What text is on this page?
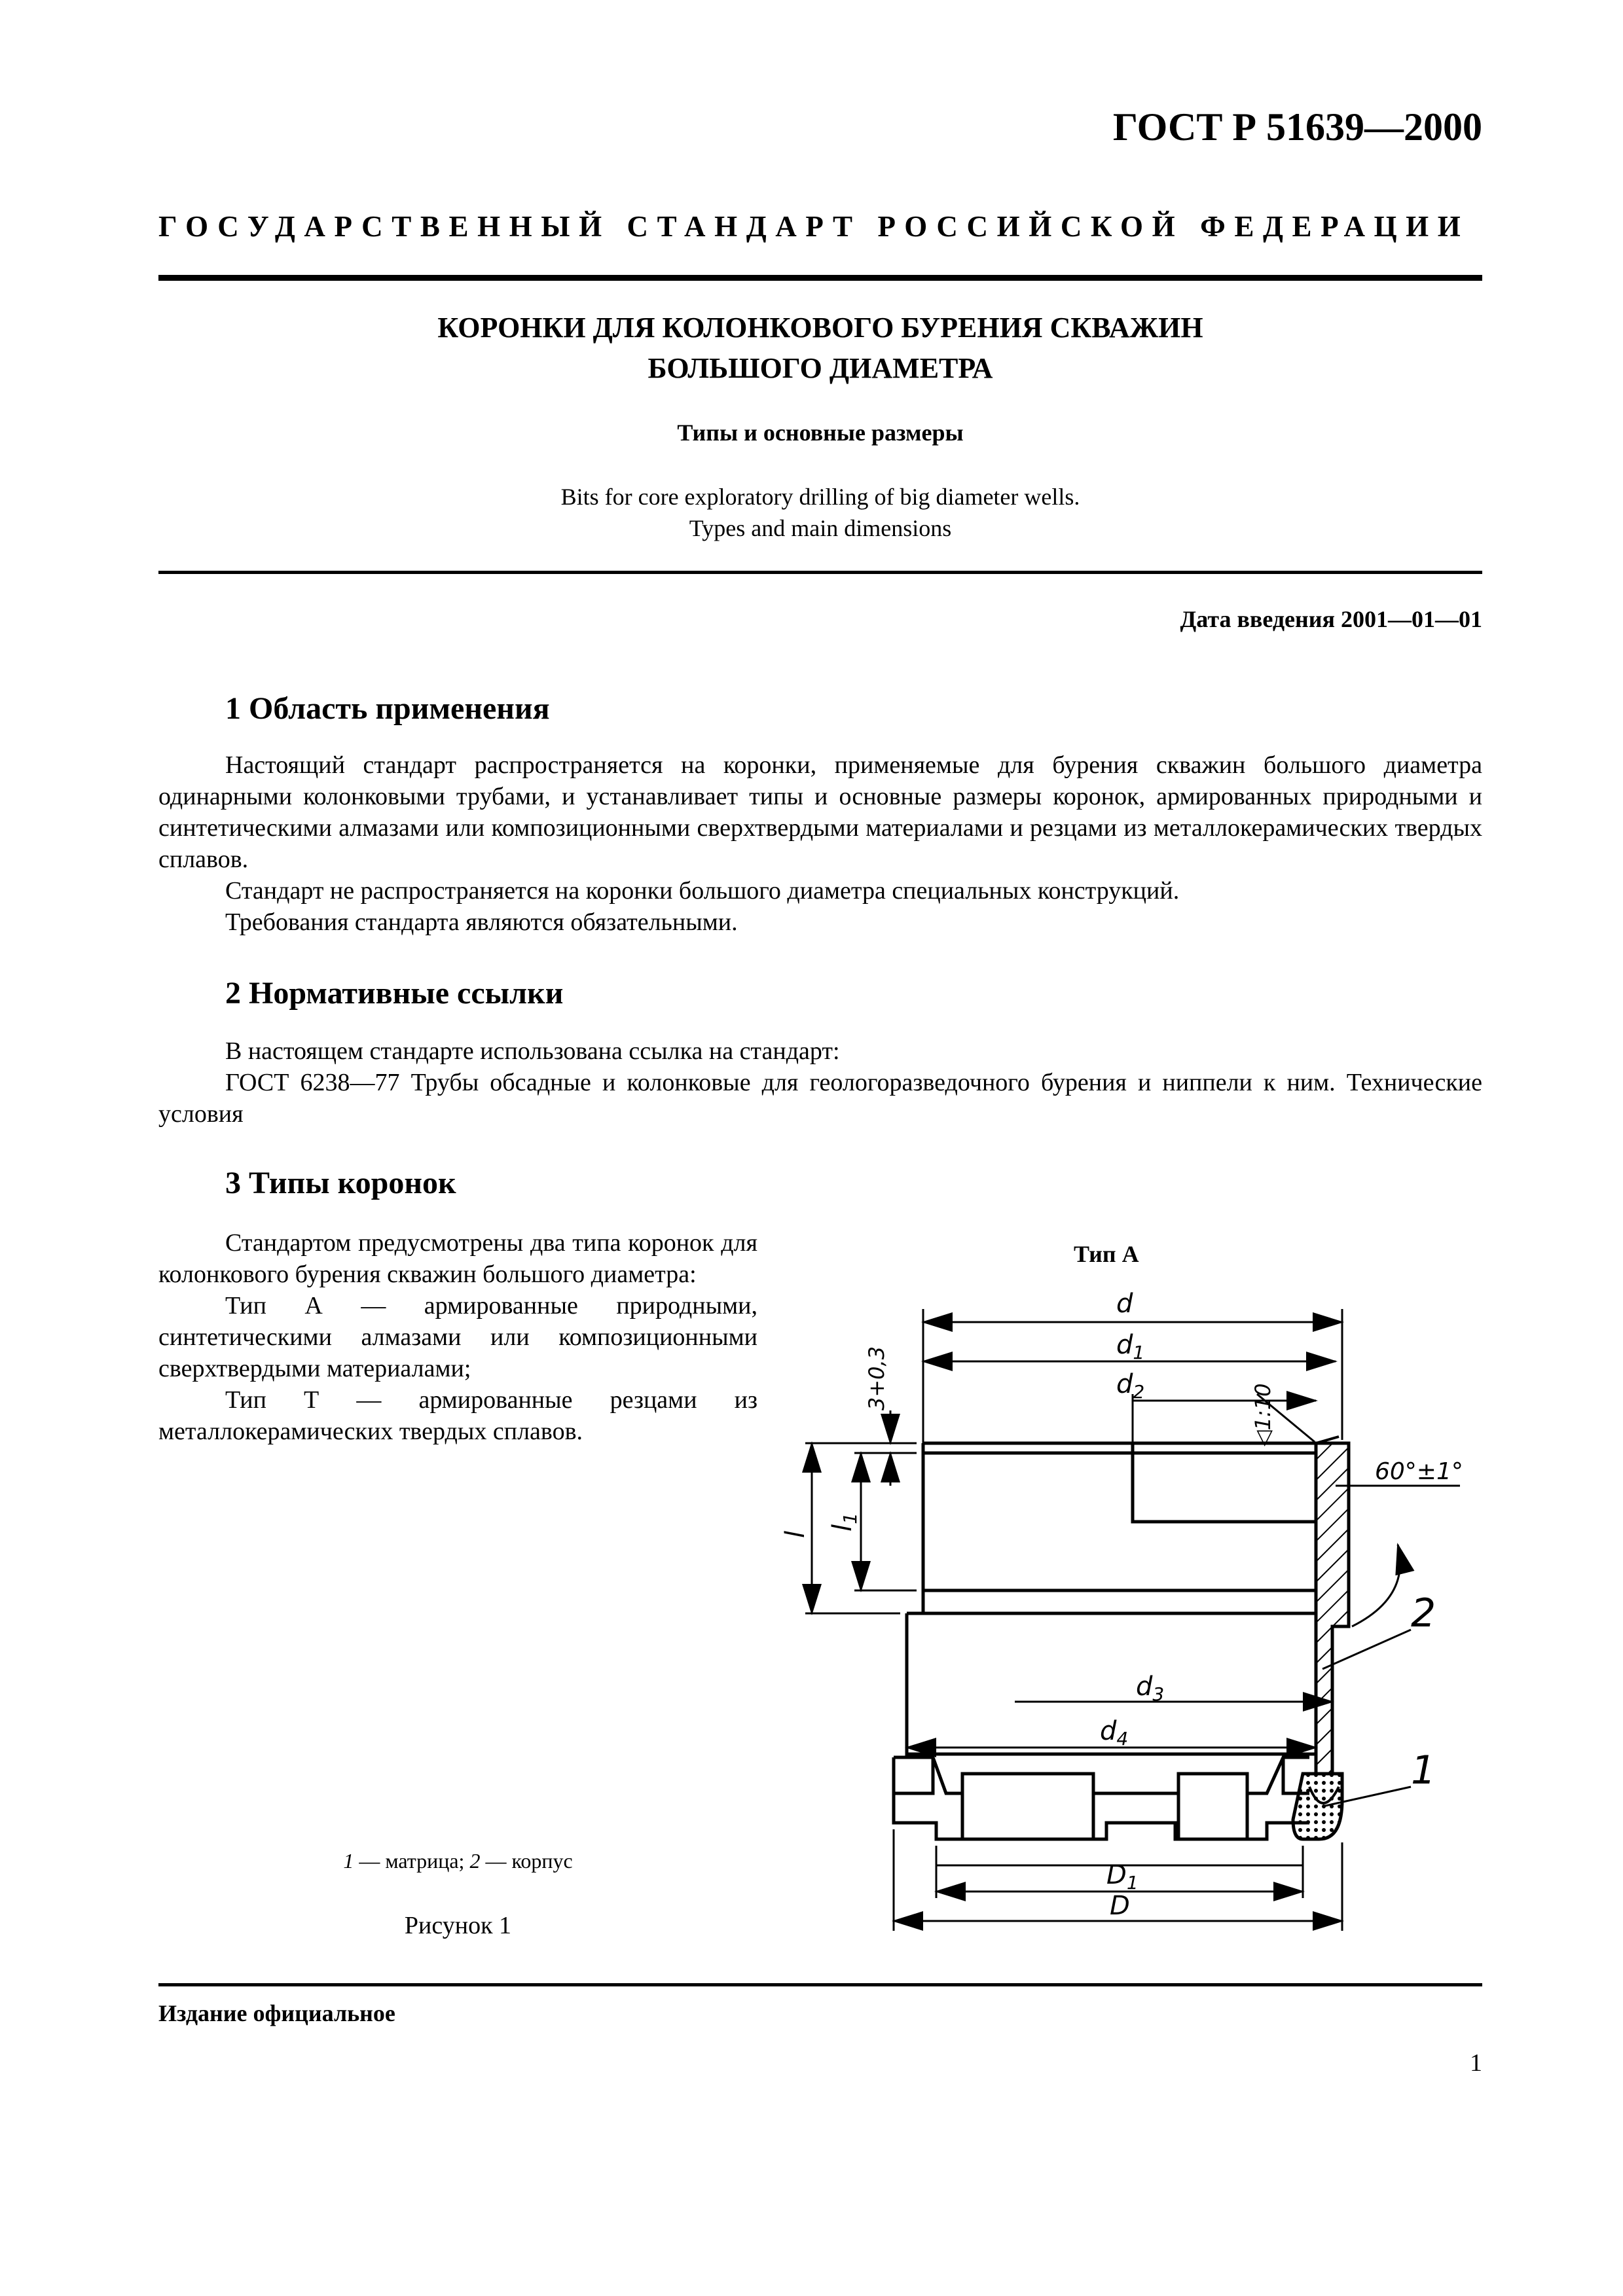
ГОСТ Р 51639—2000
ГОСУДАРСТВЕННЫЙ СТАНДАРТ РОССИЙСКОЙ ФЕДЕРАЦИИ
КОРОНКИ ДЛЯ КОЛОНКОВОГО БУРЕНИЯ СКВАЖИН
БОЛЬШОГО ДИАМЕТРА
Типы и основные размеры
Bits for core exploratory drilling of big diameter wells.
Types and main dimensions
Дата введения 2001—01—01
1 Область применения

Настоящий стандарт распространяется на коронки, применяемые для бурения скважин большого диаметра одинарными колонковыми трубами, и устанавливает типы и основные размеры коронок, армированных природными и синтетическими алмазами или композиционными сверхтвердыми материалами и резцами из металлокерамических твердых сплавов.

Стандарт не распространяется на коронки большого диаметра специальных конструкций.

Требования стандарта являются обязательными.

2 Нормативные ссылки

В настоящем стандарте использована ссылка на стандарт:

ГОСТ 6238—77 Трубы обсадные и колонковые для геологоразведочного бурения и ниппели к ним. Технические условия

3 Типы коронок

Стандартом предусмотрены два типа коронок для колонкового бурения скважин большого диаметра:

Тип А — армированные природными, синтетическими алмазами или композиционными сверхтвердыми материалами;

Тип Т — армированные резцами из металлокерамических твердых сплавов.

Тип А
d
$d_1$
$d_2$
$d_3$
$d_4$
$D_1$
D
l
$l_1$
3+0,3
◁1:10
60°±1°
2
1
1 — матрица; 2 — корпус
Рисунок 1
Издание официальное
1
